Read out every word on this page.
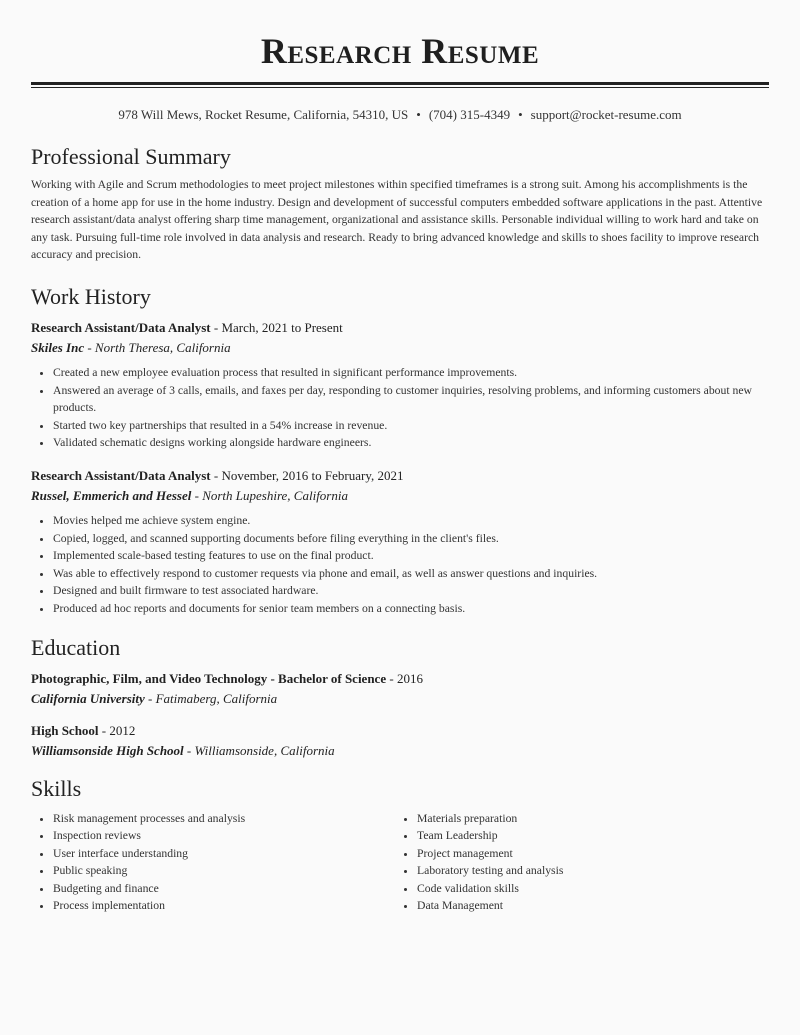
Research Resume
978 Will Mews, Rocket Resume, California, 54310, US • (704) 315-4349 • support@rocket-resume.com
Professional Summary

Working with Agile and Scrum methodologies to meet project milestones within specified timeframes is a strong suit. Among his accomplishments is the creation of a home app for use in the home industry. Design and development of successful computers embedded software applications in the past. Attentive research assistant/data analyst offering sharp time management, organizational and assistance skills. Personable individual willing to work hard and take on any task. Pursuing full-time role involved in data analysis and research. Ready to bring advanced knowledge and skills to shoes facility to improve research accuracy and precision.

Work History
Research Assistant/Data Analyst - March, 2021 to Present
Skiles Inc - North Theresa, California
• Created a new employee evaluation process that resulted in significant performance improvements.
• Answered an average of 3 calls, emails, and faxes per day, responding to customer inquiries, resolving problems, and informing customers about new products.
• Started two key partnerships that resulted in a 54% increase in revenue.
• Validated schematic designs working alongside hardware engineers.
Research Assistant/Data Analyst - November, 2016 to February, 2021
Russel, Emmerich and Hessel - North Lupeshire, California
• Movies helped me achieve system engine.
• Copied, logged, and scanned supporting documents before filing everything in the client's files.
• Implemented scale-based testing features to use on the final product.
• Was able to effectively respond to customer requests via phone and email, as well as answer questions and inquiries.
• Designed and built firmware to test associated hardware.
• Produced ad hoc reports and documents for senior team members on a connecting basis.
Education
Photographic, Film, and Video Technology - Bachelor of Science - 2016
California University - Fatimaberg, California
High School - 2012
Williamsonside High School - Williamsonside, California
Skills
• Risk management processes and analysis
• Inspection reviews
• User interface understanding
• Public speaking
• Budgeting and finance
• Process implementation
• Materials preparation
• Team Leadership
• Project management
• Laboratory testing and analysis
• Code validation skills
• Data Management
